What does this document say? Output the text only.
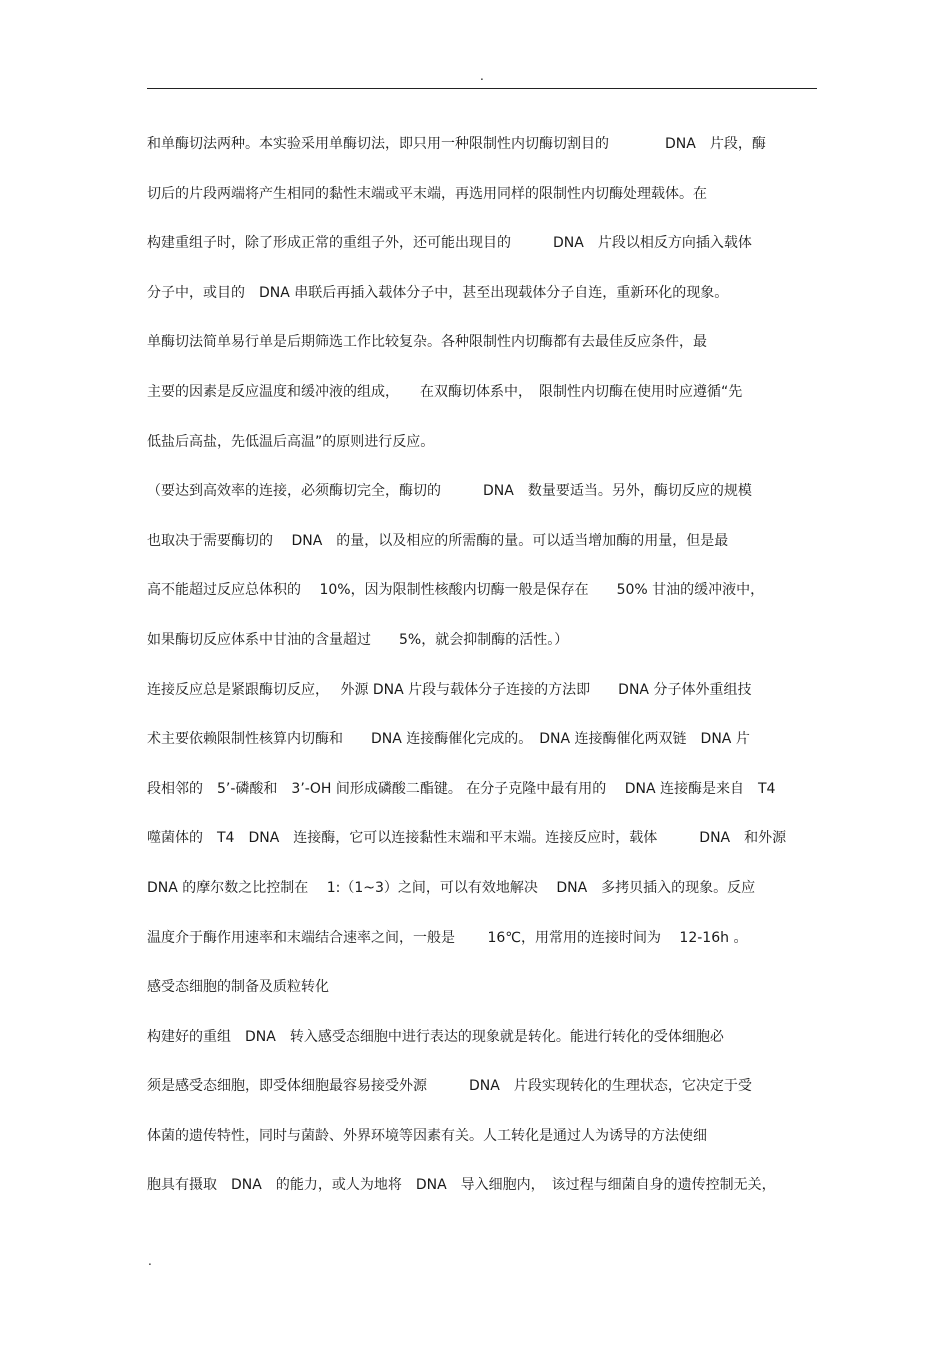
.
和单酶切法两种。本实验采用单酶切法，即只用一种限制性内切酶切割目的　　　　DNA　片段，酶
切后的片段两端将产生相同的黏性末端或平末端，再选用同样的限制性内切酶处理载体。在
构建重组子时，除了形成正常的重组子外，还可能出现目的　　　DNA　片段以相反方向插入载体
分子中，或目的　DNA 串联后再插入载体分子中，甚至出现载体分子自连，重新环化的现象。
单酶切法简单易行单是后期筛选工作比较复杂。各种限制性内切酶都有去最佳反应条件，最
主要的因素是反应温度和缓冲液的组成，　　在双酶切体系中，　限制性内切酶在使用时应遵循“先
低盐后高盐，先低温后高温”的原则进行反应。
（要达到高效率的连接，必须酶切完全，酶切的　　　DNA　数量要适当。另外，酶切反应的规模
也取决于需要酶切的　 DNA　的量，以及相应的所需酶的量。可以适当增加酶的用量，但是最
高不能超过反应总体积的　 10%，因为限制性核酸内切酶一般是保存在　　50% 甘油的缓冲液中，
如果酶切反应体系中甘油的含量超过　　5%，就会抑制酶的活性。）
连接反应总是紧跟酶切反应，　 外源 DNA 片段与载体分子连接的方法即　　DNA 分子体外重组技
术主要依赖限制性核算内切酶和　　DNA 连接酶催化完成的。　DNA 连接酶催化两双链　DNA 片
段相邻的　5’-磷酸和　3’-OH 间形成磷酸二酯键。 在分子克隆中最有用的　 DNA 连接酶是来自　T4
噬菌体的　T4　DNA　连接酶，它可以连接黏性末端和平末端。连接反应时，载体　　　DNA　和外源
DNA 的摩尔数之比控制在　 1:（1~3）之间，可以有效地解决　 DNA　多拷贝插入的现象。反应
温度介于酶作用速率和末端结合速率之间，一般是　　 16℃，用常用的连接时间为　 12-16h 。
感受态细胞的制备及质粒转化
构建好的重组　DNA　转入感受态细胞中进行表达的现象就是转化。能进行转化的受体细胞必
须是感受态细胞，即受体细胞最容易接受外源　　　DNA　片段实现转化的生理状态，它决定于受
体菌的遗传特性，同时与菌龄、外界环境等因素有关。人工转化是通过人为诱导的方法使细
胞具有摄取　DNA　的能力，或人为地将　DNA　导入细胞内，　该过程与细菌自身的遗传控制无关，
.
